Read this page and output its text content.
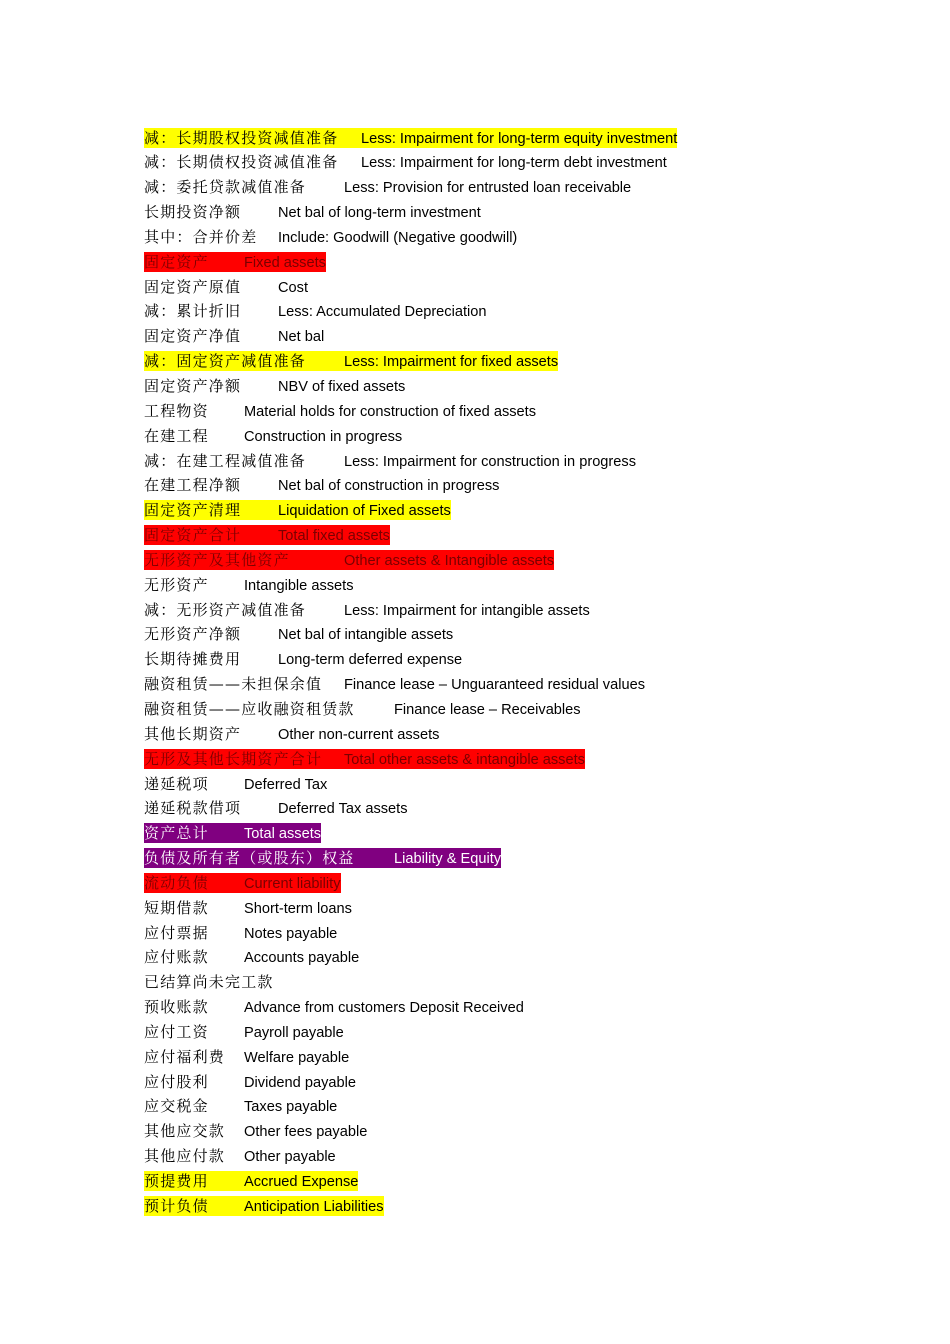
减：长期股权投资减值准备 Less: Impairment for long-term equity investment
减：长期债权投资减值准备 Less: Impairment for long-term debt investment
减：委托贷款减值准备	Less: Provision for entrusted loan receivable
长期投资净额	Net bal of long-term investment
其中：合并价差 Include: Goodwill (Negative goodwill)
固定资产 Fixed assets
固定资产原值	Cost
减：累计折旧	Less: Accumulated Depreciation
固定资产净值	Net bal
减：固定资产减值准备	Less: Impairment for fixed assets
固定资产净额	NBV of fixed assets
工程物资 Material holds for construction of fixed assets
在建工程 Construction in progress
减：在建工程减值准备	Less: Impairment for construction in progress
在建工程净额	Net bal of construction in progress
固定资产清理	Liquidation of Fixed assets
固定资产合计	Total fixed assets
无形资产及其他资产	Other assets & Intangible assets
无形资产 Intangible assets
减：无形资产减值准备	Less: Impairment for intangible assets
无形资产净额	Net bal of intangible assets
长期待摊费用	Long-term deferred expense
融资租赁——未担保余值 Finance lease – Unguaranteed residual values
融资租赁——应收融资租赁款	Finance lease – Receivables
其他长期资产	Other non-current assets
无形及其他长期资产合计 Total other assets & intangible assets
递延税项 Deferred Tax
递延税款借项	Deferred Tax assets
资产总计 Total assets
负债及所有者（或股东）权益	Liability & Equity
流动负债 Current liability
短期借款 Short-term loans
应付票据 Notes payable
应付账款 Accounts payable
已结算尚未完工款
预收账款 Advance from customers Deposit Received
应付工资 Payroll payable
应付福利费 Welfare payable
应付股利 Dividend payable
应交税金 Taxes payable
其他应交款 Other fees payable
其他应付款 Other payable
预提费用 Accrued Expense
预计负债 Anticipation Liabilities
